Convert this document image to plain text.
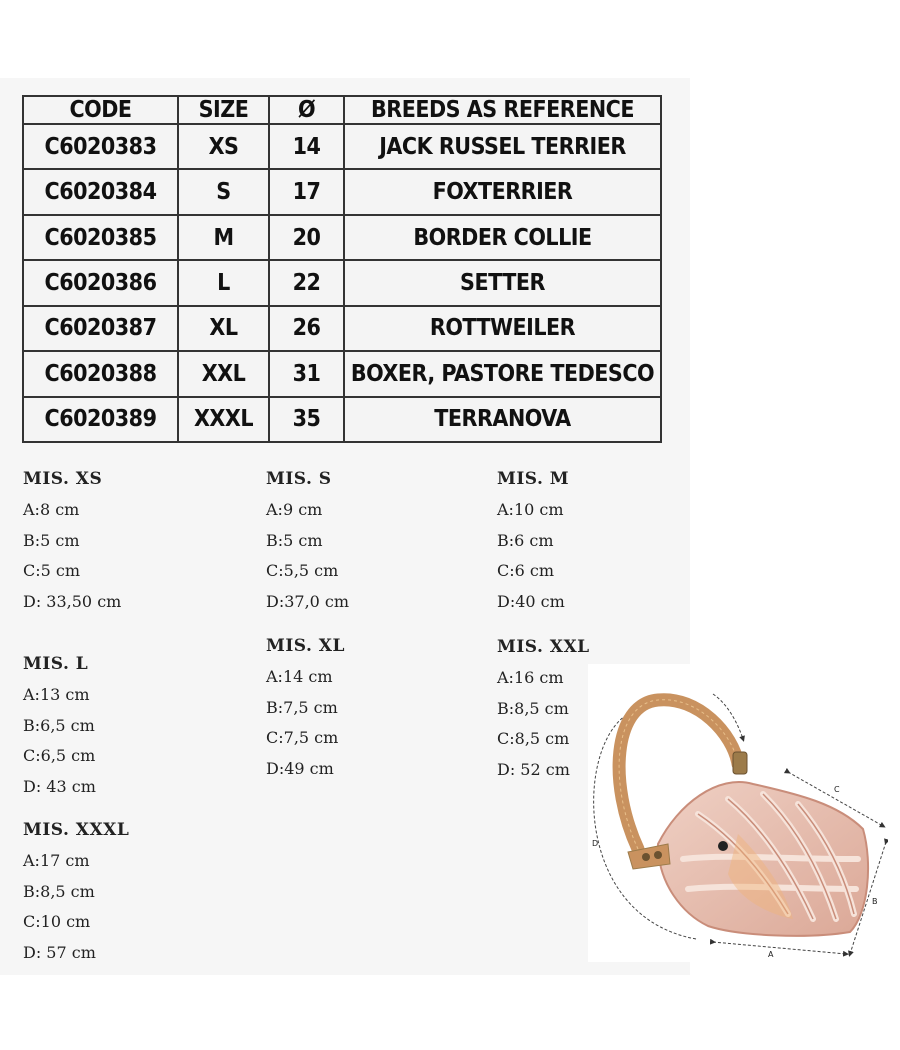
CODE	SIZE	Ø	BREEDS AS REFERENCE
C6020383	XS	14	JACK RUSSEL TERRIER
C6020384	S	17	FOXTERRIER
C6020385	M	20	BORDER COLLIE
C6020386	L	22	SETTER
C6020387	XL	26	ROTTWEILER
C6020388	XXL	31	BOXER, PASTORE TEDESCO
C6020389	XXXL	35	TERRANOVA
MIS. XS
A:8 cm
B:5 cm
C:5 cm
D: 33,50 cm
MIS. S
A:9 cm
B:5 cm
C:5,5 cm
D:37,0 cm
MIS. M
A:10 cm
B:6 cm
C:6 cm
D:40 cm
MIS. L
A:13 cm
B:6,5 cm
C:6,5 cm
D: 43 cm
MIS. XL
A:14 cm
B:7,5 cm
C:7,5 cm
D:49 cm
MIS. XXL
A:16 cm
B:8,5 cm
C:8,5 cm
D: 52 cm
MIS. XXXL
A:17 cm
B:8,5 cm
C:10 cm
D: 57 cm
D
C
B
A
